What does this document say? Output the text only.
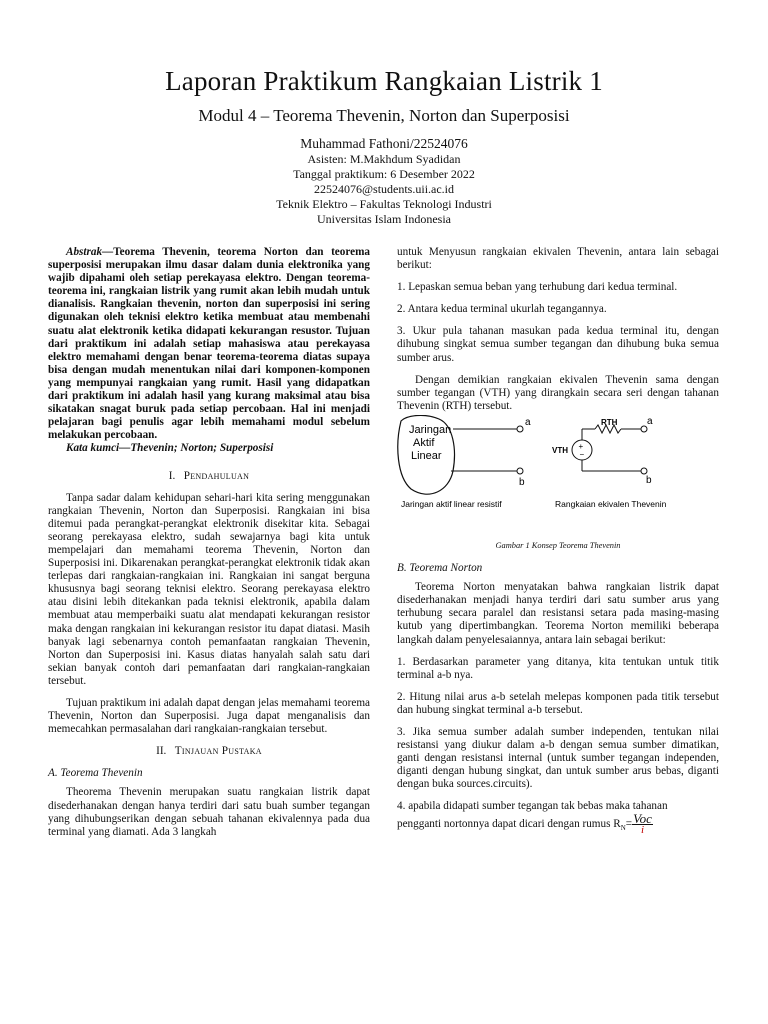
Laporan Praktikum Rangkaian Listrik 1
Modul 4 – Teorema Thevenin, Norton dan Superposisi
Muhammad Fathoni/22524076
Asisten: M.Makhdum Syadidan
Tanggal praktikum: 6 Desember 2022
22524076@students.uii.ac.id
Teknik Elektro – Fakultas Teknologi Industri
Universitas Islam Indonesia

Abstrak—Teorema Thevenin, teorema Norton dan teorema superposisi merupakan ilmu dasar dalam dunia elektronika yang wajib dipahami oleh setiap perekayasa elektro. Dengan teorema-teorema ini, rangkaian listrik yang rumit akan lebih mudah untuk dianalisis. Rangkaian thevenin, norton dan superposisi ini sering digunakan oleh teknisi elektro ketika membuat atau membenahi suatu alat elektronik ketika didapati kekurangan resustor. Tujuan dari praktikum ini adalah setiap mahasiswa atau perekayasa elektro memahami dengan benar teorema-teorema diatas supaya bisa dengan mudah menentukan nilai dari komponen-komponen yang mempunyai rangkaian yang rumit. Hasil yang didapatkan dari praktikum ini adalah hasil yang kurang maksimal atau bisa sikatakan snagat buruk pada setiap percobaan. Hal ini menjadi pelajaran bagi penulis agar lebih memahami modul sebelum melakukan percobaan.

Kata kumci—Thevenin; Norton; Superposisi

I. Pendahuluan

Tanpa sadar dalam kehidupan sehari-hari kita sering menggunakan rangkaian Thevenin, Norton dan Superposisi. Rangkaian ini bisa ditemui pada perangkat-perangkat elektronik disekitar kita. Sebagai seorang perekayasa elektro, sudah sewajarnya bagi kita untuk mempelajari dan memahami teorema Thevenin, Norton dan Superposisi ini. Dikarenakan perangkat-perangkat elektronik tidak akan terlepas dari rangkaian-rangkaian ini. Rangkaian ini sangat berguna khususnya bagi seorang teknisi elektro. Seorang perekayasa elektro atau disini lebih ditekankan pada teknisi elektronik, apabila dalam membuat atau memperbaiki suatu alat mendapati kekurangan resistor maka dengan rangkaian ini kekurangan resistor itu dapat diatasi. Masih banyak lagi sebenarnya contoh pemanfaatan rangkaian Thevenin, Norton dan Superposisi ini. Kasus diatas hanyalah salah satu dari sekian banyak contoh dari pemanfaatan dari rangkaian-rangkaian tersebut.

Tujuan praktikum ini adalah dapat dengan jelas memahami teorema Thevenin, Norton dan Superposisi. Juga dapat menganalisis dan memecahkan permasalahan dari rangkaian-rangkaian tersebut.

II. Tinjauan Pustaka
A. Teorema Thevenin

Theorema Thevenin merupakan suatu rangkaian listrik dapat disederhanakan dengan hanya terdiri dari satu buah sumber tegangan yang dihubungserikan dengan sebuah tahanan ekivalennya pada dua terminal yang diamati. Ada 3 langkah

untuk Menyusun rangkaian ekivalen Thevenin, antara lain sebagai berikut:

1. Lepaskan semua beban yang terhubung dari kedua terminal.

2. Antara kedua terminal ukurlah tegangannya.

3. Ukur pula tahanan masukan pada kedua terminal itu, dengan dihubung singkat semua sumber tegangan dan dihubung buka semua sumber arus.

Dengan demikian rangkaian ekivalen Thevenin sama dengan sumber tegangan (VTH) yang dirangkain secara seri dengan tahanan Thevenin (RTH) tersebut.

Jaringan
Aktif
Linear
b
Jaringan aktif linear resistif
RTH	a
+
−
VTH
b
Rangkaian ekivalen Thevenin
a

Gambar 1 Konsep Teorema Thevenin

B. Teorema Norton

Teorema Norton menyatakan bahwa rangkaian listrik dapat disederhanakan menjadi hanya terdiri dari satu sumber arus yang terhubung secara paralel dan resistansi setara pada masing-masing kutub yang dipertimbangkan. Teorema Norton memiliki beberapa langkah dalam penyelesaiannya, antara lain sebagai berikut:

1. Berdasarkan parameter yang ditanya, kita tentukan untuk titik terminal a-b nya.

2. Hitung nilai arus a-b setelah melepas komponen pada titik tersebut dan hubung singkat terminal a-b tersebut.

3. Jika semua sumber adalah sumber independen, tentukan nilai resistansi yang diukur dalam a-b dengan semua sumber dimatikan, ganti dengan resistansi internal (untuk sumber tegangan independen, diganti dengan hubung singkat, dan untuk sumber arus bebas, diganti dengan buka sources.circuits).

4. apabila didapati sumber tegangan tak bebas maka tahanan
pengganti nortonnya dapat dicari dengan rumus $R_N= \frac{\text{Voc}}{i}$
